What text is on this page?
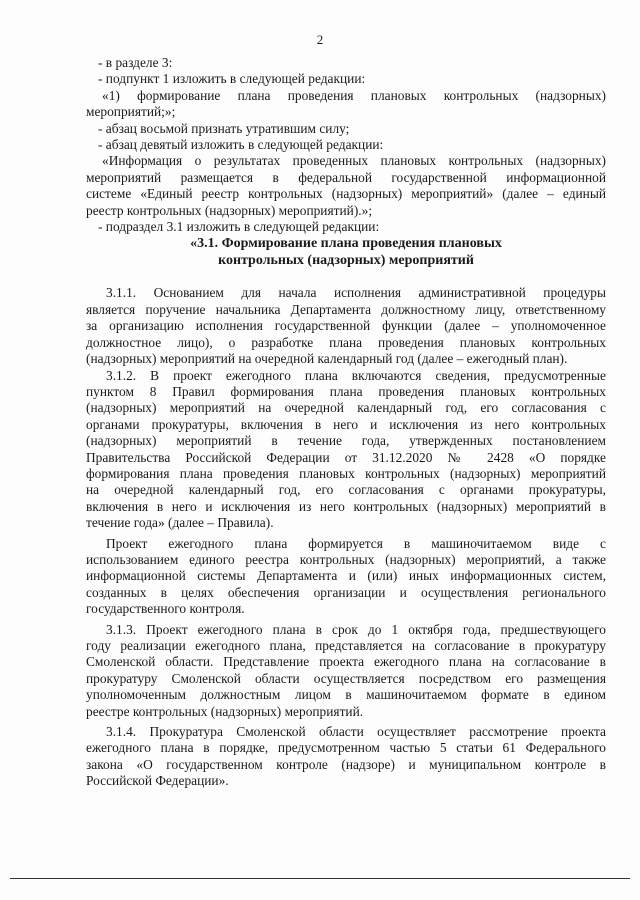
2
- в разделе 3:
- подпункт 1 изложить в следующей редакции:
«1) формирование плана проведения плановых контрольных (надзорных)
мероприятий;»;
- абзац восьмой признать утратившим силу;
- абзац девятый изложить в следующей редакции:
«Информация о результатах проведенных плановых контрольных (надзорных)
мероприятий размещается в федеральной государственной информационной
системе «Единый реестр контрольных (надзорных) мероприятий» (далее – единый
реестр контрольных (надзорных) мероприятий).»;
- подраздел 3.1 изложить в следующей редакции:
«3.1. Формирование плана проведения плановых
контрольных (надзорных) мероприятий
3.1.1. Основанием для начала исполнения административной процедуры
является поручение начальника Департамента должностному лицу, ответственному
за организацию исполнения государственной функции (далее – уполномоченное
должностное лицо), о разработке плана проведения плановых контрольных
(надзорных) мероприятий на очередной календарный год (далее – ежегодный план).
3.1.2. В проект ежегодного плана включаются сведения, предусмотренные
пунктом 8 Правил формирования плана проведения плановых контрольных
(надзорных) мероприятий на очередной календарный год, его согласования с
органами прокуратуры, включения в него и исключения из него контрольных
(надзорных) мероприятий в течение года, утвержденных постановлением
Правительства Российской Федерации от 31.12.2020 № 2428 «О порядке
формирования плана проведения плановых контрольных (надзорных) мероприятий
на очередной календарный год, его согласования с органами прокуратуры,
включения в него и исключения из него контрольных (надзорных) мероприятий в
течение года» (далее – Правила).
Проект ежегодного плана формируется в машиночитаемом виде с
использованием единого реестра контрольных (надзорных) мероприятий, а также
информационной системы Департамента и (или) иных информационных систем,
созданных в целях обеспечения организации и осуществления регионального
государственного контроля.
3.1.3. Проект ежегодного плана в срок до 1 октября года, предшествующего
году реализации ежегодного плана, представляется на согласование в прокуратуру
Смоленской области. Представление проекта ежегодного плана на согласование в
прокуратуру Смоленской области осуществляется посредством его размещения
уполномоченным должностным лицом в машиночитаемом формате в едином
реестре контрольных (надзорных) мероприятий.
3.1.4. Прокуратура Смоленской области осуществляет рассмотрение проекта
ежегодного плана в порядке, предусмотренном частью 5 статьи 61 Федерального
закона «О государственном контроле (надзоре) и муниципальном контроле в
Российской Федерации».
